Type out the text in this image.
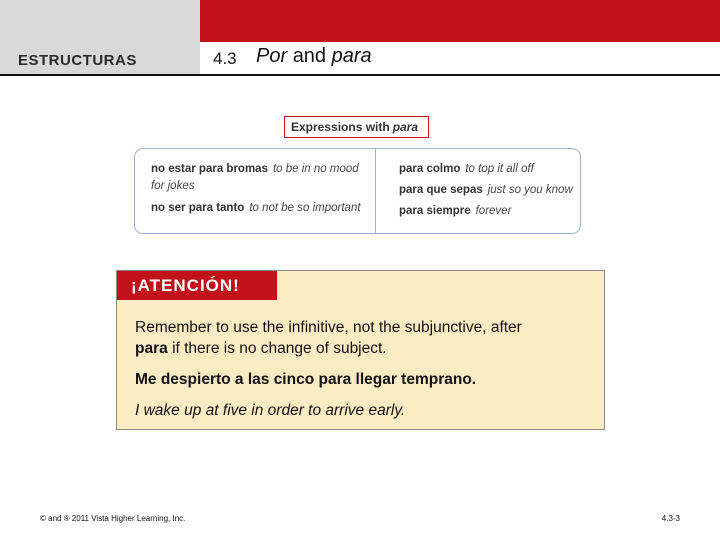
ESTRUCTURAS	4.3 Por and para
Expressions with para
no estar para bromas to be in no mood
for jokes
no ser para tanto to not be so important
para colmo to top it all off
para que sepas just so you know
para siempre forever
¡ATENCIÓN!
Remember to use the infinitive, not the subjunctive, after
para if there is no change of subject.
Me despierto a las cinco para llegar temprano.
I wake up at five in order to arrive early.
© and ® 2011 Vista Higher Learning, Inc.	4.3-3
